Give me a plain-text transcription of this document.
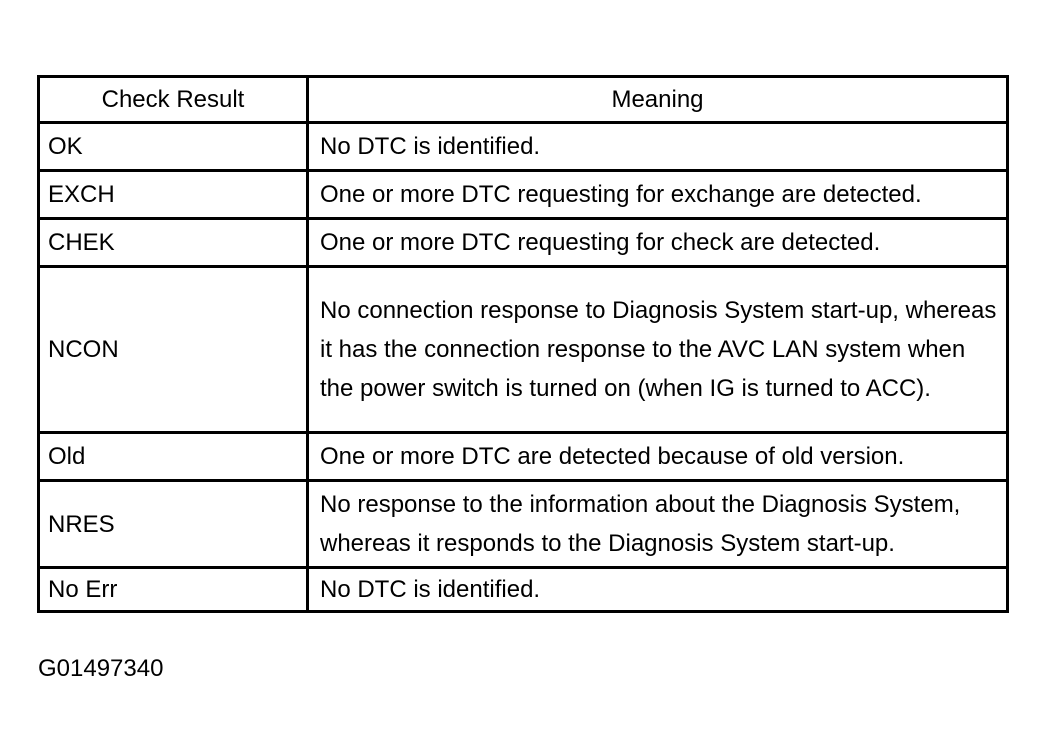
Check Result	Meaning
OK	No DTC is identified.
EXCH	One or more DTC requesting for exchange are detected.
CHEK	One or more DTC requesting for check are detected.
NCON	No connection response to Diagnosis System start-up, whereas it has the connection response to the AVC LAN system when the power switch is turned on (when IG is turned to ACC).
Old	One or more DTC are detected because of old version.
NRES	No response to the information about the Diagnosis System, whereas it responds to the Diagnosis System start-up.
No Err	No DTC is identified.
G01497340
